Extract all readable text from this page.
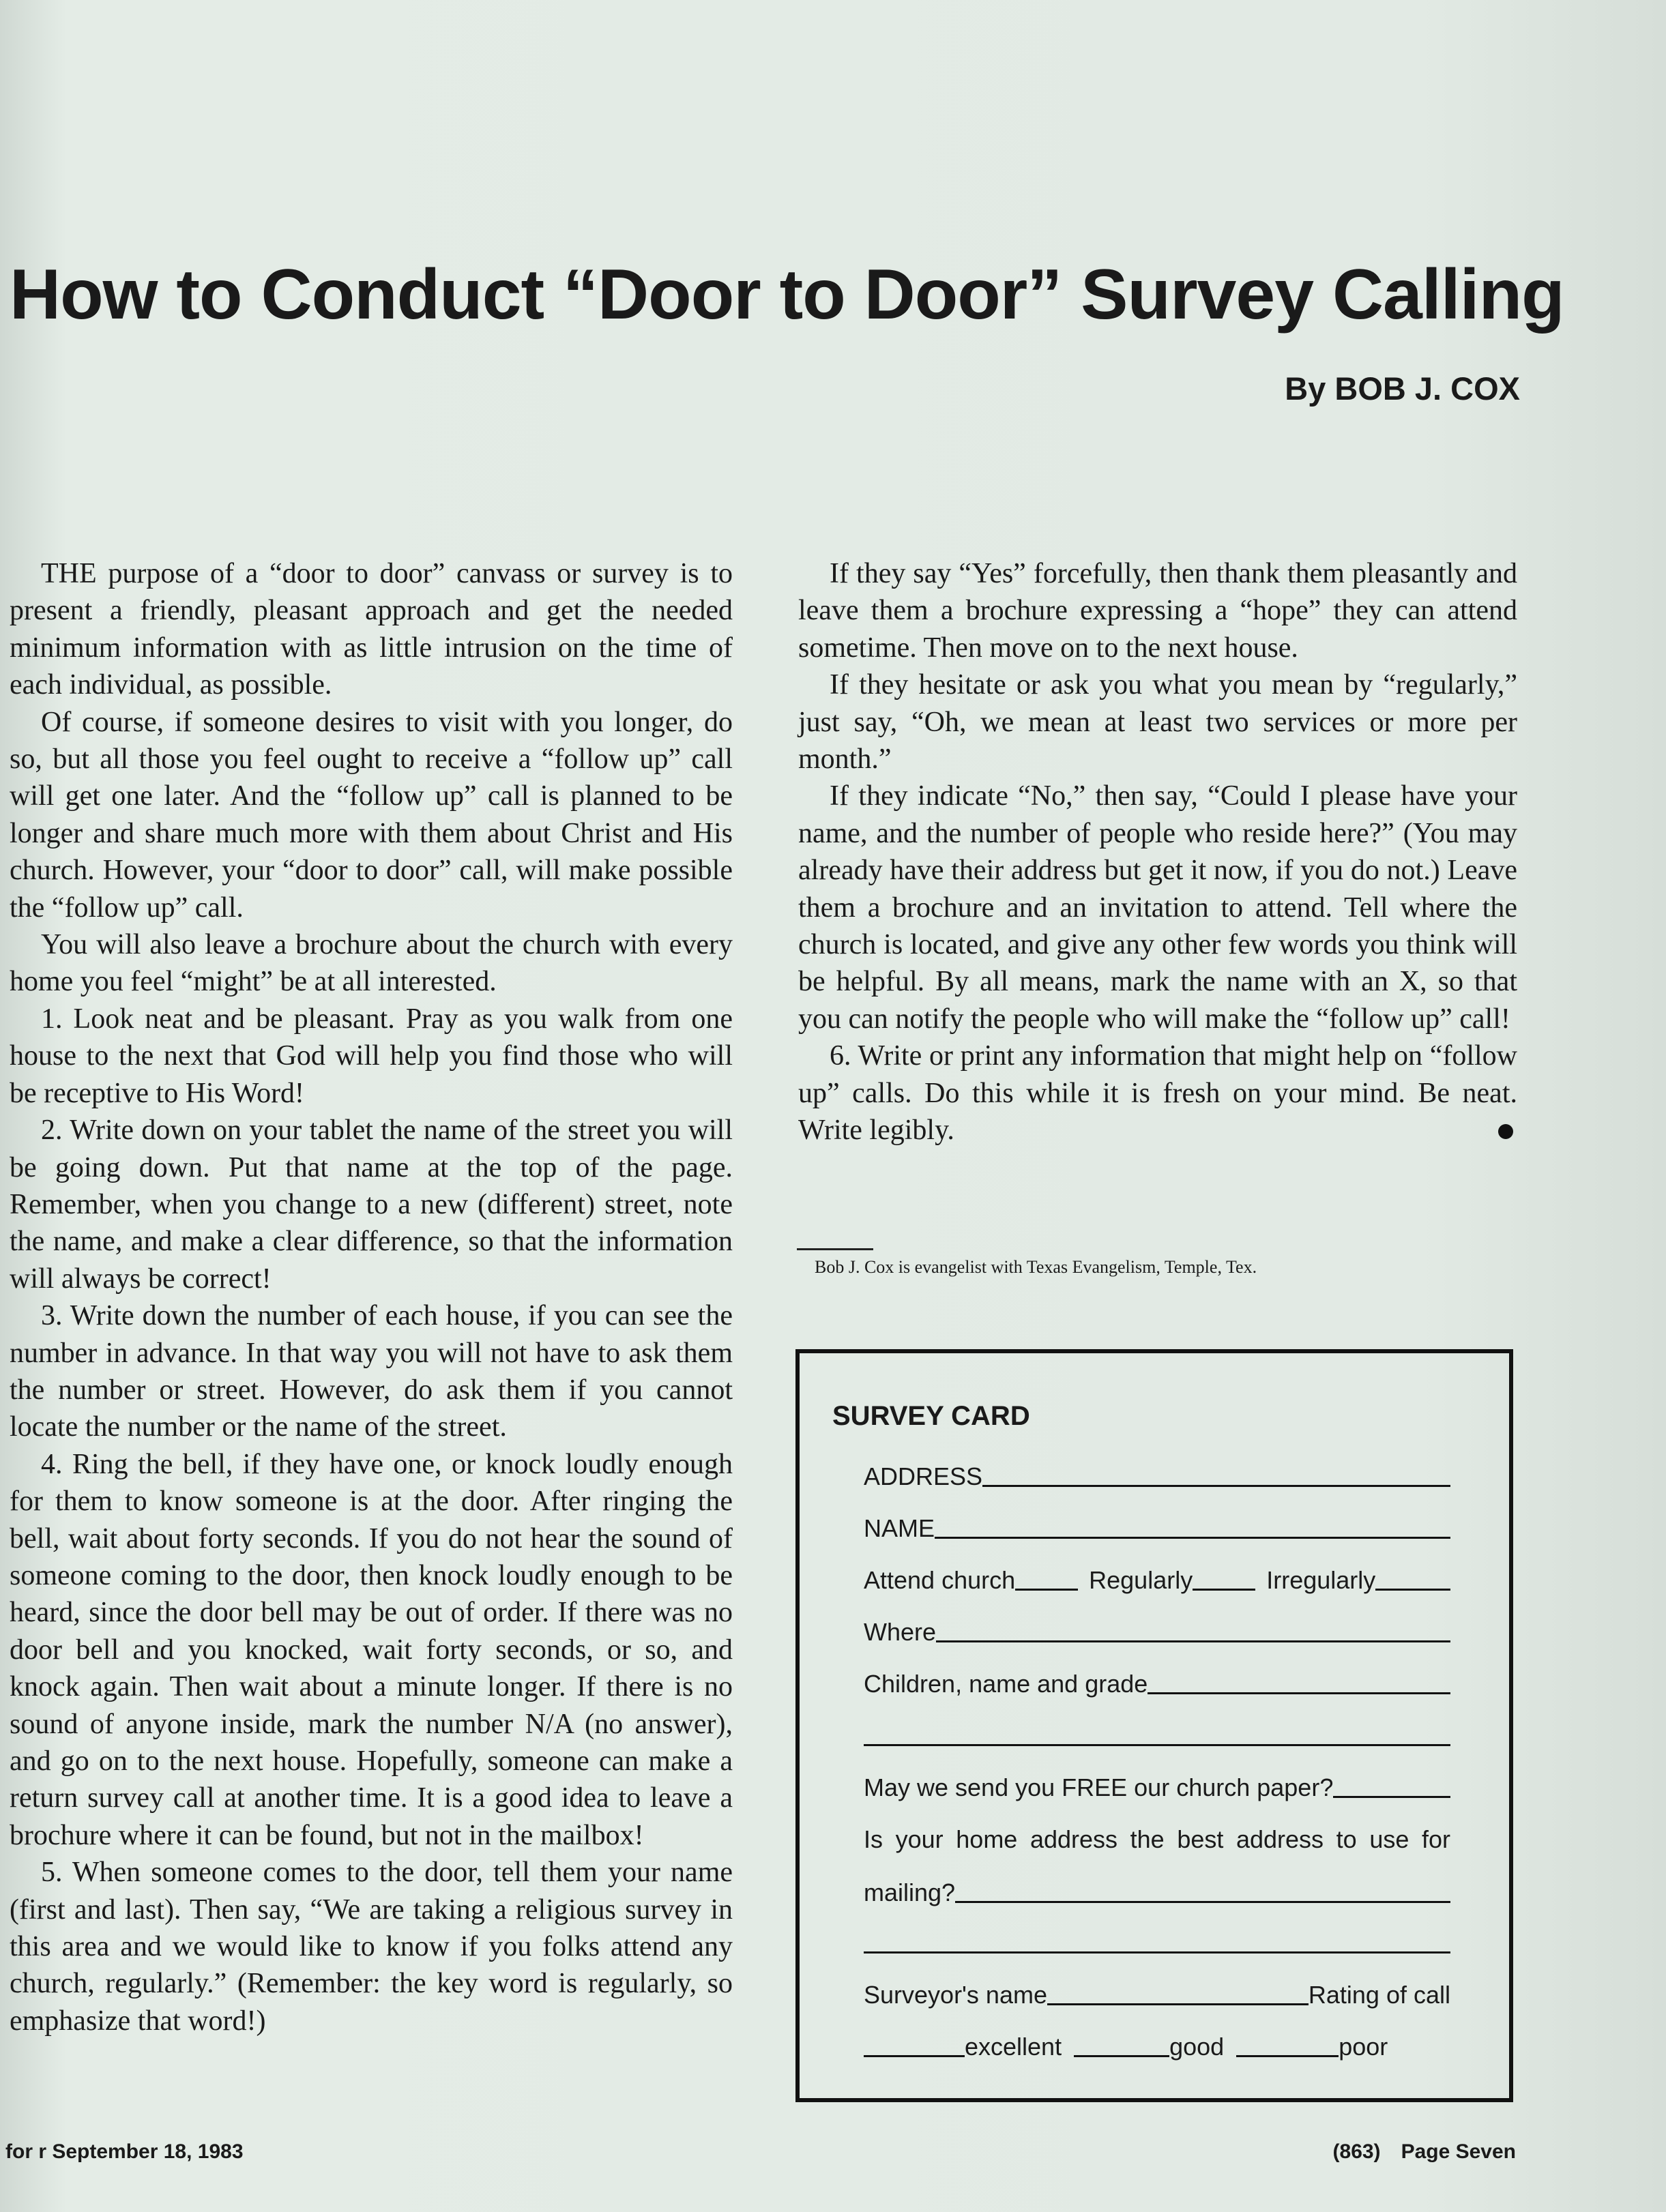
How to Conduct “Door to Door” Survey Calling
By BOB J. COX

THE purpose of a “door to door” canvass or survey is to present a friendly, pleasant approach and get the needed minimum information with as little intrusion on the time of each individual, as possible.

Of course, if someone desires to visit with you longer, do so, but all those you feel ought to receive a “follow up” call will get one later. And the “follow up” call is planned to be longer and share much more with them about Christ and His church. However, your “door to door” call, will make possible the “follow up” call.

You will also leave a brochure about the church with every home you feel “might” be at all interested.

1. Look neat and be pleasant. Pray as you walk from one house to the next that God will help you find those who will be receptive to His Word!

2. Write down on your tablet the name of the street you will be going down. Put that name at the top of the page. Remember, when you change to a new (different) street, note the name, and make a clear difference, so that the information will always be correct!

3. Write down the number of each house, if you can see the number in advance. In that way you will not have to ask them the number or street. However, do ask them if you cannot locate the number or the name of the street.

4. Ring the bell, if they have one, or knock loudly enough for them to know someone is at the door. After ringing the bell, wait about forty seconds. If you do not hear the sound of someone coming to the door, then knock loudly enough to be heard, since the door bell may be out of order. If there was no door bell and you knocked, wait forty seconds, or so, and knock again. Then wait about a minute longer. If there is no sound of anyone inside, mark the number N/A (no answer), and go on to the next house. Hopefully, someone can make a return survey call at another time. It is a good idea to leave a brochure where it can be found, but not in the mailbox!

5. When someone comes to the door, tell them your name (first and last). Then say, “We are taking a religious survey in this area and we would like to know if you folks attend any church, regularly.” (Remember: the key word is regularly, so emphasize that word!)

If they say “Yes” forcefully, then thank them pleasantly and leave them a brochure expressing a “hope” they can attend sometime. Then move on to the next house.

If they hesitate or ask you what you mean by “regularly,” just say, “Oh, we mean at least two services or more per month.”

If they indicate “No,” then say, “Could I please have your name, and the number of people who reside here?” (You may already have their address but get it now, if you do not.) Leave them a brochure and an invitation to attend. Tell where the church is located, and give any other few words you think will be helpful. By all means, mark the name with an X, so that you can notify the people who will make the “follow up” call!

6. Write or print any information that might help on “follow up” calls. Do this while it is fresh on your mind. Be neat. Write legibly.

Bob J. Cox is evangelist with Texas Evangelism, Temple, Tex.
SURVEY CARD
ADDRESS
NAME
Attend church	Regularly	Irregularly
Where
Children, name and grade
May we send you FREE our church paper?
Is your home address the best address to use for
mailing?
Surveyor's name	Rating of call
excellent	good	poor
for r September 18, 1983	(863) Page Seven
